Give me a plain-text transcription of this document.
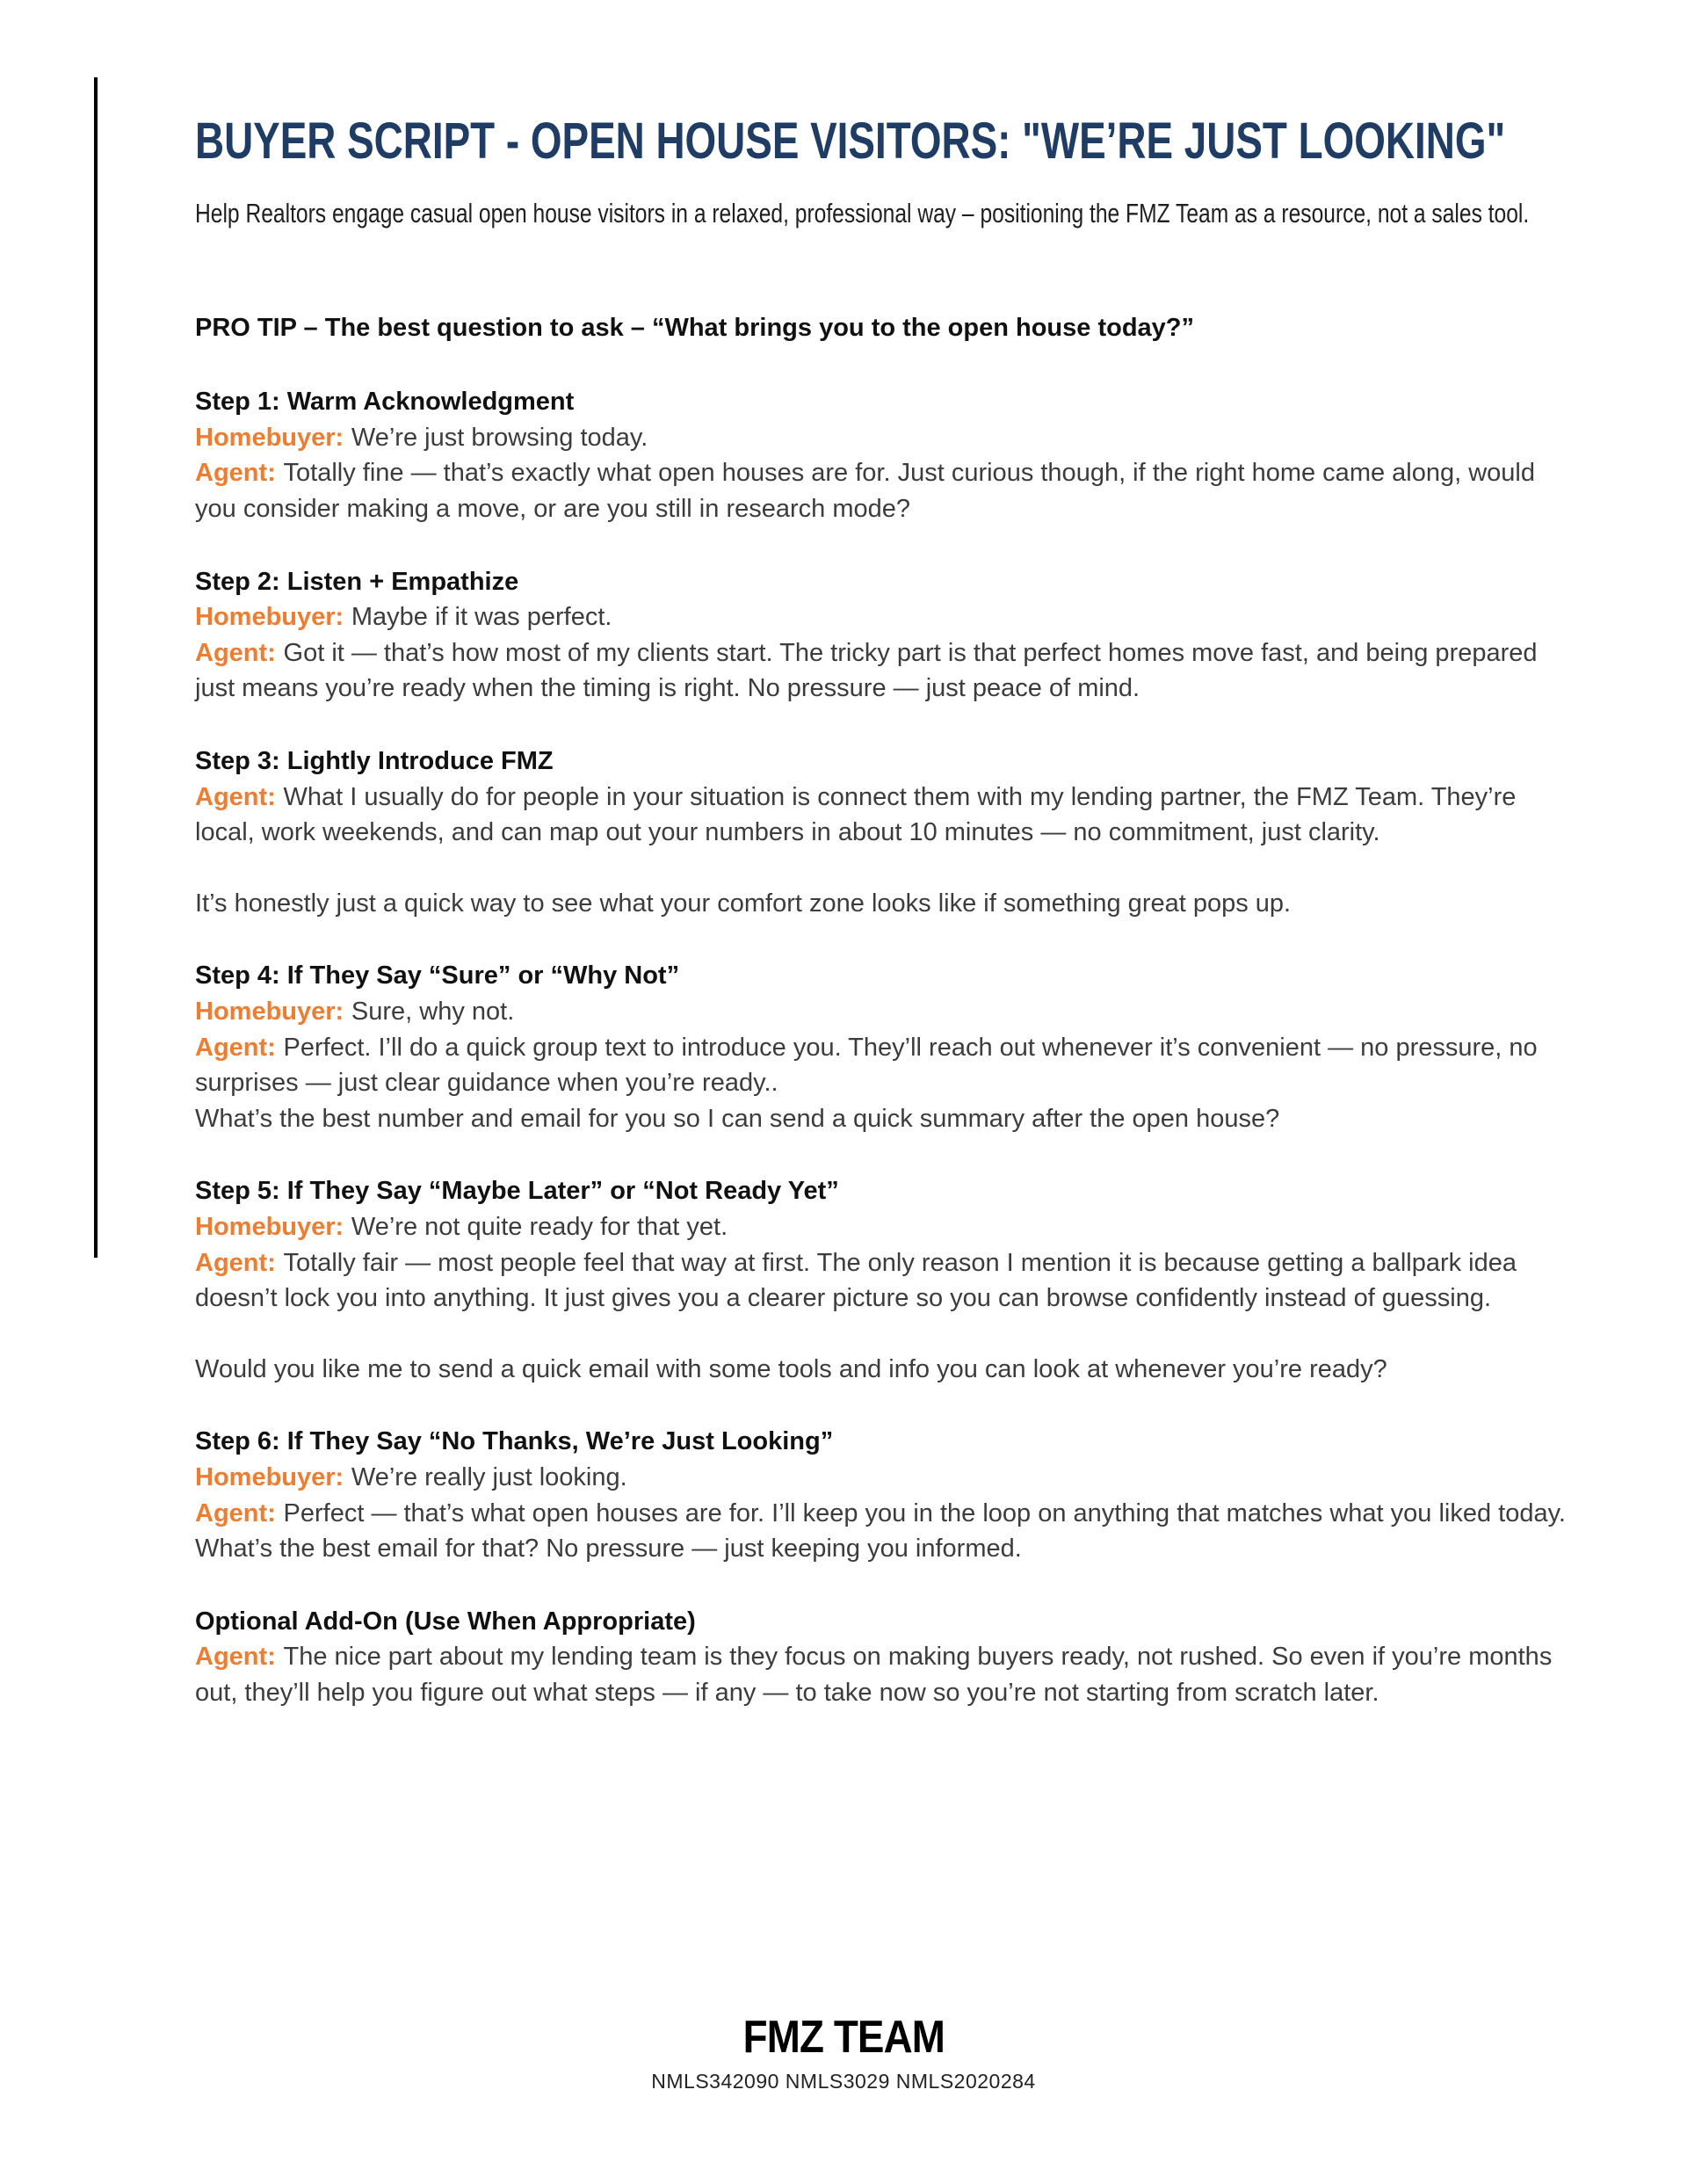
BUYER SCRIPT - OPEN HOUSE VISITORS: "WE’RE JUST LOOKING"

Help Realtors engage casual open house visitors in a relaxed, professional way – positioning the FMZ Team as a resource, not a sales tool.

PRO TIP – The best question to ask – “What brings you to the open house today?”

Step 1: Warm Acknowledgment

Homebuyer: We’re just browsing today.

Agent: Totally fine — that’s exactly what open houses are for. Just curious though, if the right home came along, would you consider making a move, or are you still in research mode?

Step 2: Listen + Empathize

Homebuyer: Maybe if it was perfect.

Agent: Got it — that’s how most of my clients start. The tricky part is that perfect homes move fast, and being prepared just means you’re ready when the timing is right. No pressure — just peace of mind.

Step 3: Lightly Introduce FMZ

Agent: What I usually do for people in your situation is connect them with my lending partner, the FMZ Team. They’re local, work weekends, and can map out your numbers in about 10 minutes — no commitment, just clarity.

It’s honestly just a quick way to see what your comfort zone looks like if something great pops up.

Step 4: If They Say “Sure” or “Why Not”

Homebuyer: Sure, why not.

Agent: Perfect. I’ll do a quick group text to introduce you. They’ll reach out whenever it’s convenient — no pressure, no surprises — just clear guidance when you’re ready..

What’s the best number and email for you so I can send a quick summary after the open house?

Step 5: If They Say “Maybe Later” or “Not Ready Yet”

Homebuyer: We’re not quite ready for that yet.

Agent: Totally fair — most people feel that way at first. The only reason I mention it is because getting a ballpark idea doesn’t lock you into anything. It just gives you a clearer picture so you can browse confidently instead of guessing.

Would you like me to send a quick email with some tools and info you can look at whenever you’re ready?

Step 6: If They Say “No Thanks, We’re Just Looking”

Homebuyer: We’re really just looking.

Agent: Perfect — that’s what open houses are for. I’ll keep you in the loop on anything that matches what you liked today. What’s the best email for that? No pressure — just keeping you informed.

Optional Add-On (Use When Appropriate)

Agent: The nice part about my lending team is they focus on making buyers ready, not rushed. So even if you’re months out, they’ll help you figure out what steps — if any — to take now so you’re not starting from scratch later.

FMZ TEAM

NMLS342090 NMLS3029 NMLS2020284
